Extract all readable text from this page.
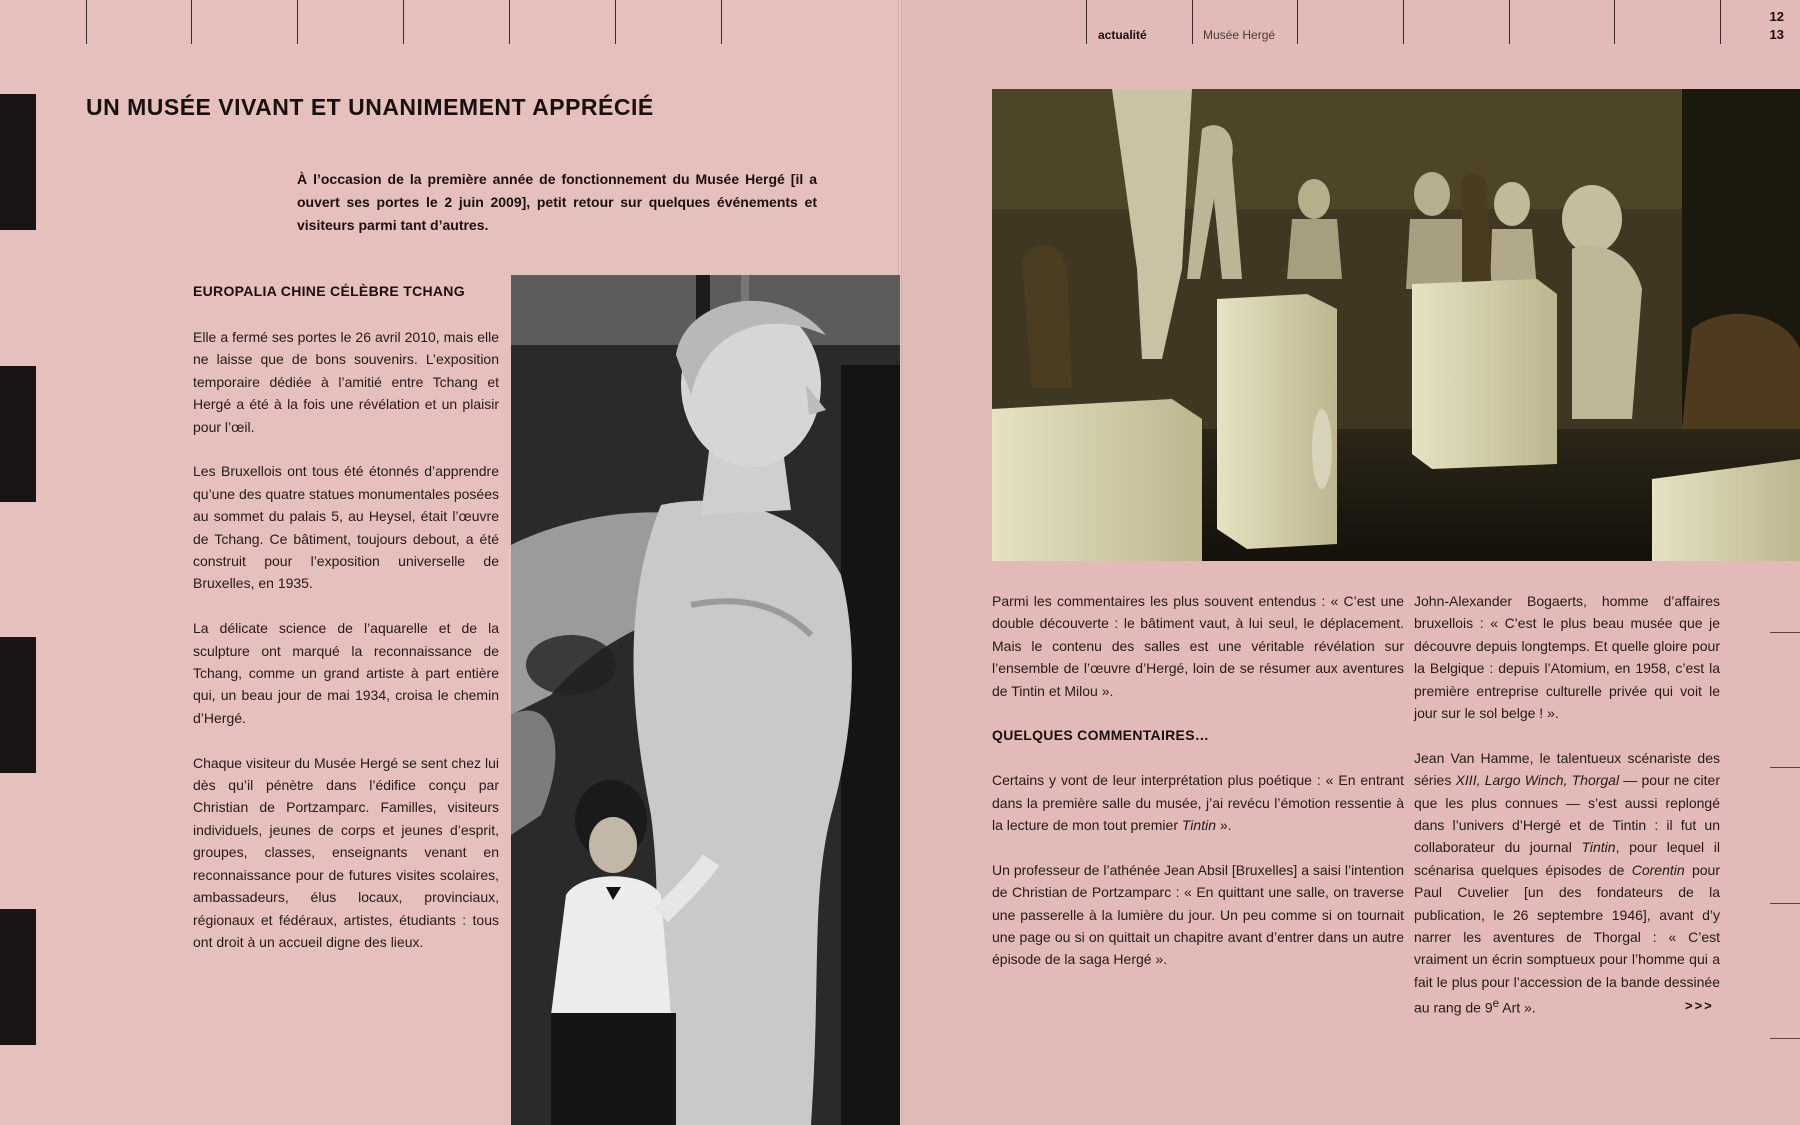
actualité	Musée Hergé
12
13
UN MUSÉE VIVANT ET UNANIMEMENT APPRÉCIÉ

À l’occasion de la première année de fonctionnement du Musée Hergé [il a ouvert ses portes le 2 juin 2009], petit retour sur quelques événements et visiteurs parmi tant d’autres.

EUROPALIA CHINE CÉLÈBRE TCHANG

Elle a fermé ses portes le 26 avril 2010, mais elle ne laisse que de bons souvenirs. L’exposition temporaire dédiée à l’amitié entre Tchang et Hergé a été à la fois une révélation et un plaisir pour l’œil.

Les Bruxellois ont tous été étonnés d’apprendre qu’une des quatre statues monumentales posées au sommet du palais 5, au Heysel, était l’œuvre de Tchang. Ce bâtiment, toujours debout, a été construit pour l’exposition universelle de Bruxelles, en 1935.

La délicate science de l’aquarelle et de la sculpture ont marqué la reconnaissance de Tchang, comme un grand artiste à part entière qui, un beau jour de mai 1934, croisa le chemin d’Hergé.

Chaque visiteur du Musée Hergé se sent chez lui dès qu’il pénètre dans l’édifice conçu par Christian de Portzamparc. Familles, visiteurs individuels, jeunes de corps et jeunes d’esprit, groupes, classes, enseignants venant en reconnaissance pour de futures visites scolaires, ambassadeurs, élus locaux, provinciaux, régionaux et fédéraux, artistes, étudiants : tous ont droit à un accueil digne des lieux.

Parmi les commentaires les plus souvent entendus : « C’est une double découverte : le bâtiment vaut, à lui seul, le déplacement. Mais le contenu des salles est une véritable révélation sur l’ensemble de l’œuvre d’Hergé, loin de se résumer aux aventures de Tintin et Milou ».

QUELQUES COMMENTAIRES…

Certains y vont de leur interprétation plus poétique : « En entrant dans la première salle du musée, j’ai revécu l’émotion ressentie à la lecture de mon tout premier Tintin ».

Un professeur de l’athénée Jean Absil [Bruxelles] a saisi l’intention de Christian de Portzamparc : « En quittant une salle, on traverse une passerelle à la lumière du jour. Un peu comme si on tournait une page ou si on quittait un chapitre avant d’entrer dans un autre épisode de la saga Hergé ».

John-Alexander Bogaerts, homme d’affaires bruxellois : « C’est le plus beau musée que je découvre depuis longtemps. Et quelle gloire pour la Belgique : depuis l’Atomium, en 1958, c’est la première entreprise culturelle privée qui voit le jour sur le sol belge ! ».

Jean Van Hamme, le talentueux scénariste des séries XIII, Largo Winch, Thorgal — pour ne citer que les plus connues — s’est aussi replongé dans l’univers d’Hergé et de Tintin : il fut un collaborateur du journal Tintin, pour lequel il scénarisa quelques épisodes de Corentin pour Paul Cuvelier [un des fondateurs de la publication, le 26 septembre 1946], avant d’y narrer les aventures de Thorgal : « C’est vraiment un écrin somptueux pour l’homme qui a fait le plus pour l’accession de la bande dessinée au rang de 9e Art ».	>>>
